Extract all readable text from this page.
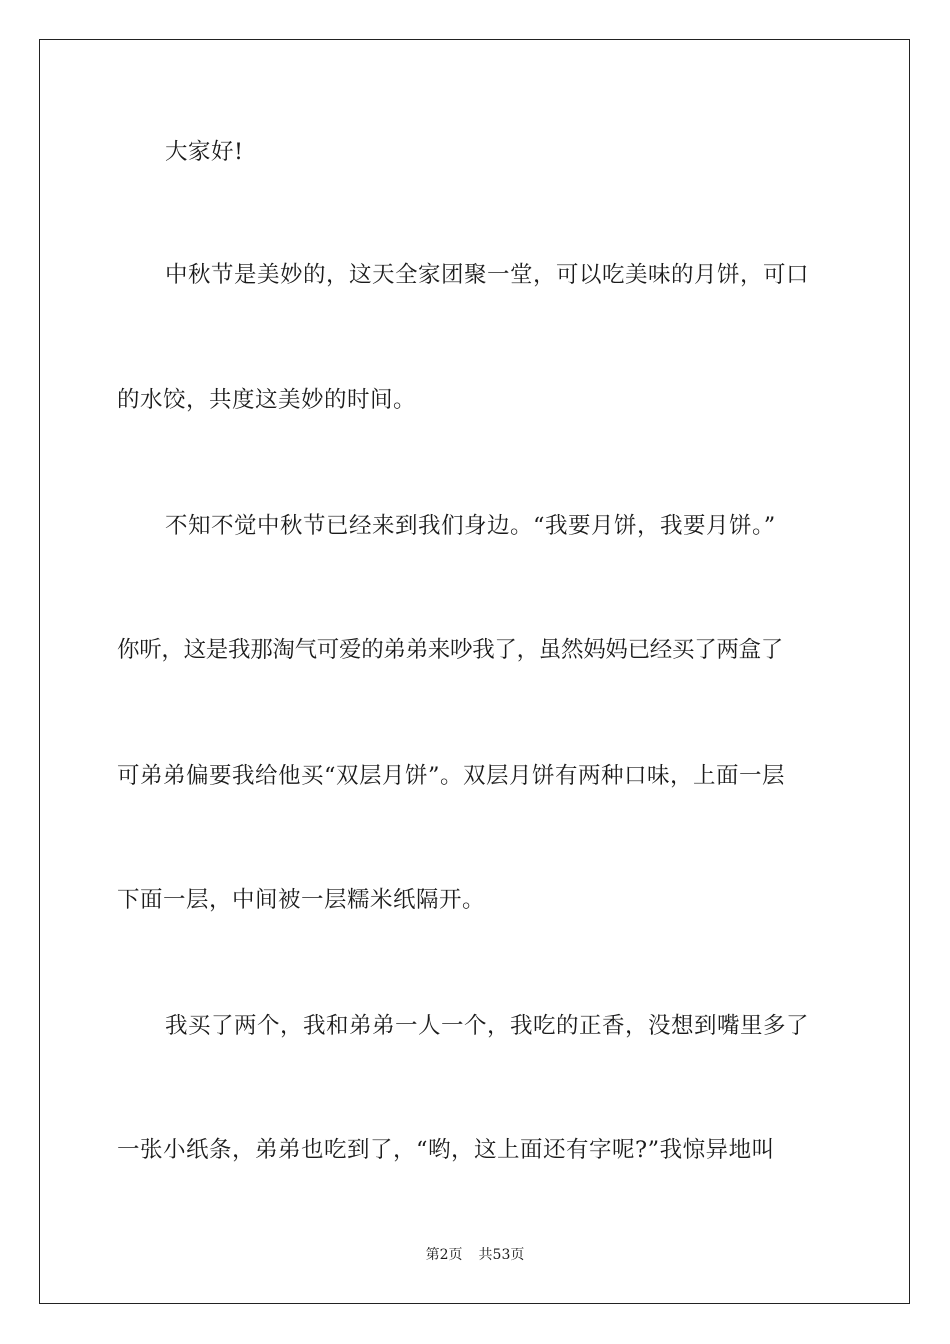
大家好!
中秋节是美妙的，这天全家团聚一堂，可以吃美味的月饼，可口
的水饺，共度这美妙的时间。
不知不觉中秋节已经来到我们身边。“我要月饼，我要月饼。”
你听，这是我那淘气可爱的弟弟来吵我了，虽然妈妈已经买了两盒了
可弟弟偏要我给他买“双层月饼”。双层月饼有两种口味，上面一层
下面一层，中间被一层糯米纸隔开。
我买了两个，我和弟弟一人一个，我吃的正香，没想到嘴里多了
一张小纸条，弟弟也吃到了，“哟，这上面还有字呢?”我惊异地叫
第2页 共53页
